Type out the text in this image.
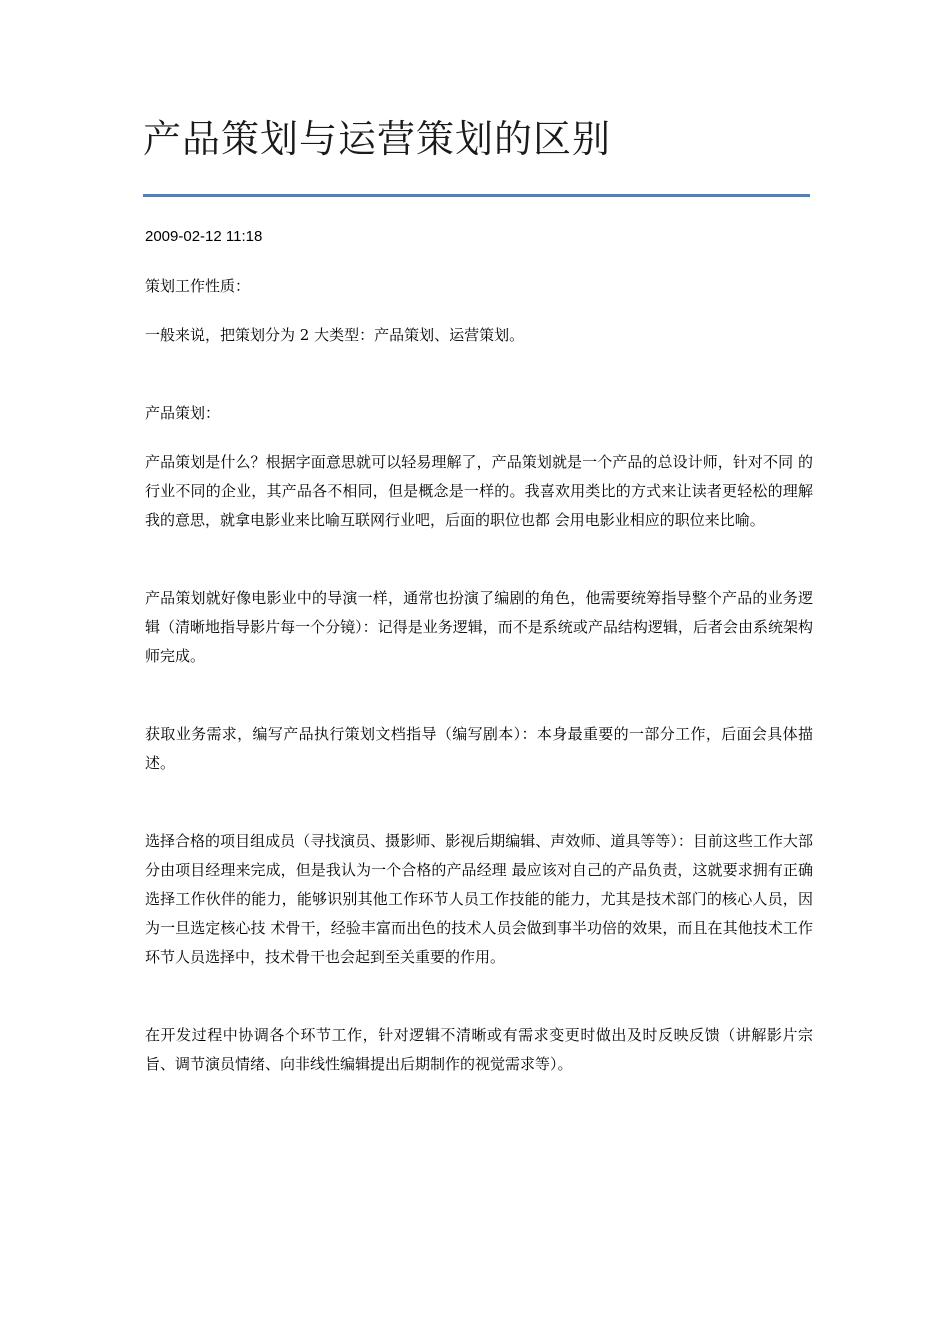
产品策划与运营策划的区别

2009-02-12 11:18

策划工作性质：

一般来说，把策划分为 2 大类型：产品策划、运营策划。

产品策划：

产品策划是什么？根据字面意思就可以轻易理解了，产品策划就是一个产品的总设计师，针对不同 的行业不同的企业，其产品各不相同，但是概念是一样的。我喜欢用类比的方式来让读者更轻松的理解我的意思，就拿电影业来比喻互联网行业吧，后面的职位也都 会用电影业相应的职位来比喻。

产品策划就好像电影业中的导演一样，通常也扮演了编剧的角色，他需要统筹指导整个产品的业务逻辑（清晰地指导影片每一个分镜）：记得是业务逻辑，而不是系统或产品结构逻辑，后者会由系统架构师完成。

获取业务需求，编写产品执行策划文档指导（编写剧本）：本身最重要的一部分工作，后面会具体描述。

选择合格的项目组成员（寻找演员、摄影师、影视后期编辑、声效师、道具等等）：目前这些工作大部分由项目经理来完成，但是我认为一个合格的产品经理 最应该对自己的产品负责，这就要求拥有正确选择工作伙伴的能力，能够识别其他工作环节人员工作技能的能力，尤其是技术部门的核心人员，因为一旦选定核心技 术骨干，经验丰富而出色的技术人员会做到事半功倍的效果，而且在其他技术工作环节人员选择中，技术骨干也会起到至关重要的作用。

在开发过程中协调各个环节工作，针对逻辑不清晰或有需求变更时做出及时反映反馈（讲解影片宗旨、调节演员情绪、向非线性编辑提出后期制作的视觉需求等）。
